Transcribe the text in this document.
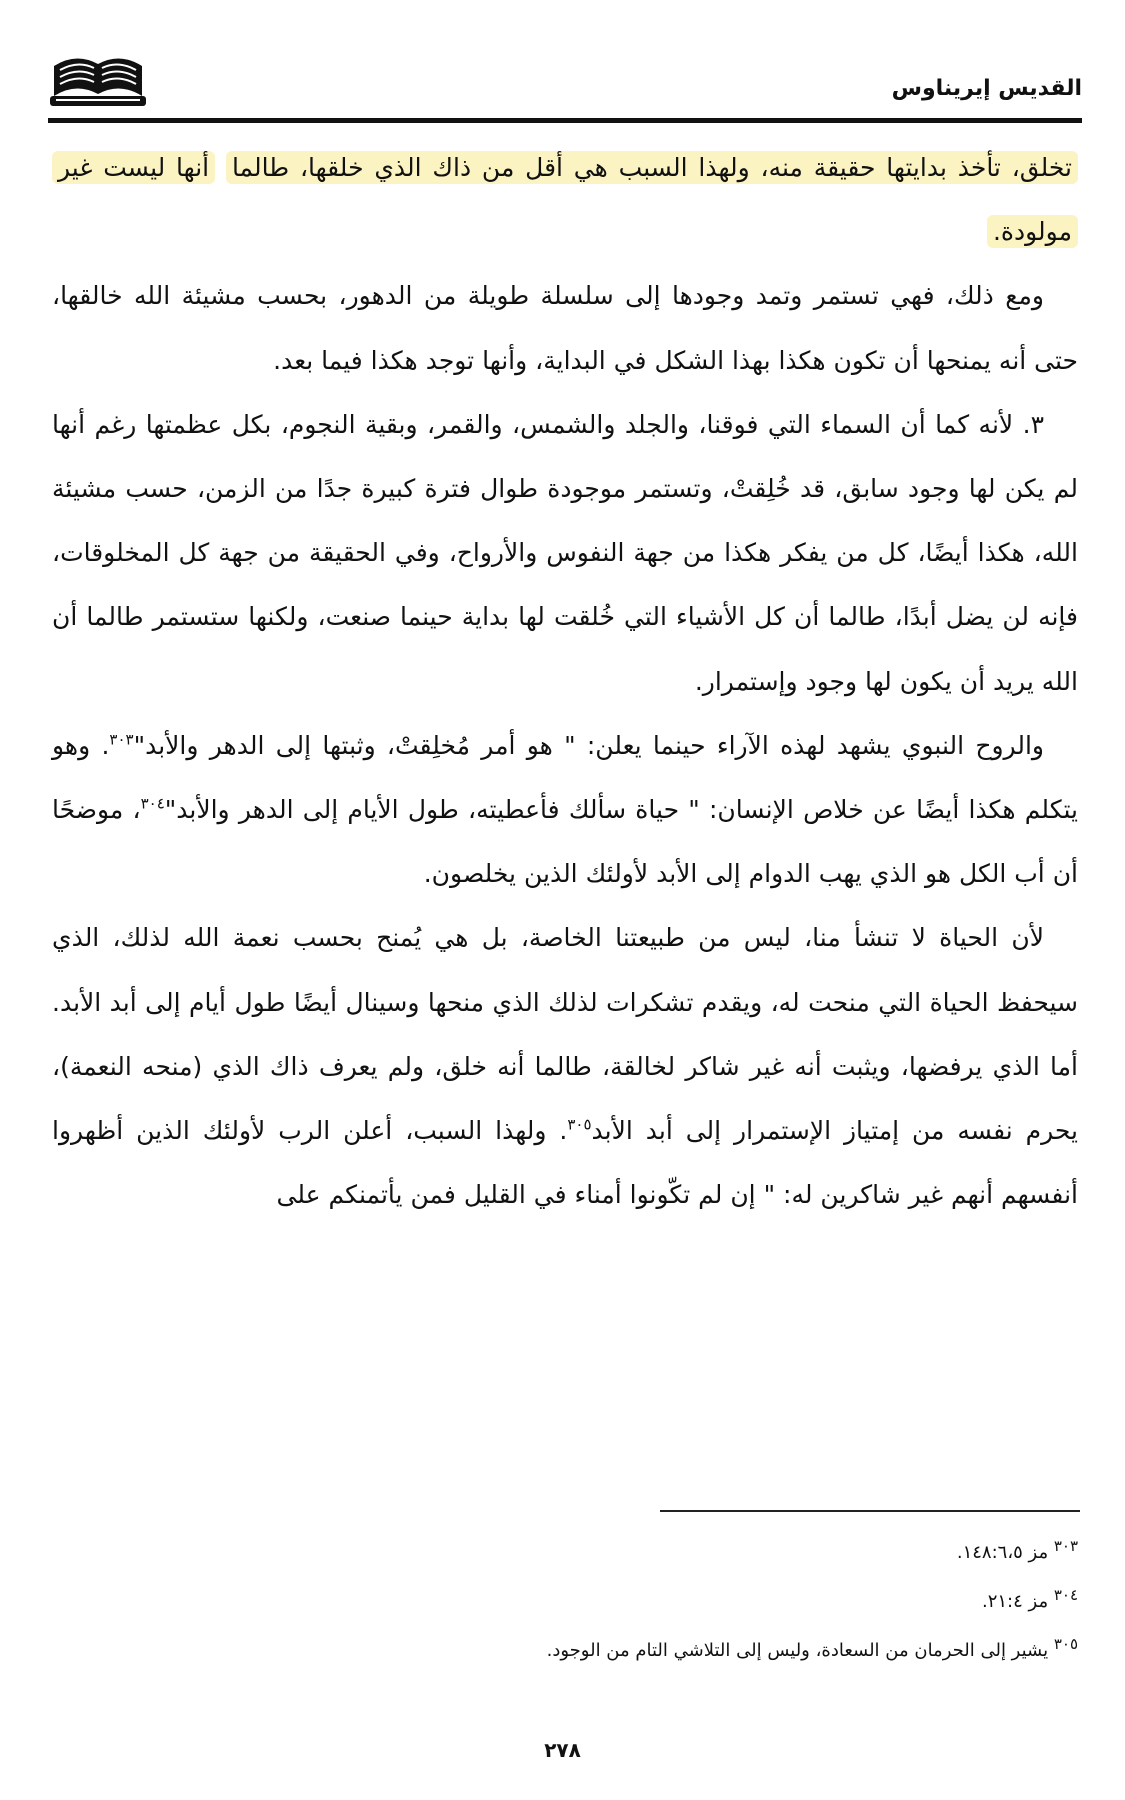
القديس إيريناوس

تخلق، تأخذ بدايتها حقيقة منه، ولهذا السبب هي أقل من ذاك الذي خلقها، طالما أنها ليست غير مولودة.

ومع ذلك، فهي تستمر وتمد وجودها إلى سلسلة طويلة من الدهور، بحسب مشيئة الله خالقها، حتى أنه يمنحها أن تكون هكذا بهذا الشكل في البداية، وأنها توجد هكذا فيما بعد.

٣. لأنه كما أن السماء التي فوقنا، والجلد والشمس، والقمر، وبقية النجوم، بكل عظمتها رغم أنها لم يكن لها وجود سابق، قد خُلِقتْ، وتستمر موجودة طوال فترة كبيرة جدًا من الزمن، حسب مشيئة الله، هكذا أيضًا، كل من يفكر هكذا من جهة النفوس والأرواح، وفي الحقيقة من جهة كل المخلوقات، فإنه لن يضل أبدًا، طالما أن كل الأشياء التي خُلقت لها بداية حينما صنعت، ولكنها ستستمر طالما أن الله يريد أن يكون لها وجود وإستمرار.

والروح النبوي يشهد لهذه الآراء حينما يعلن: " هو أمر مُخلِقتْ، وثبتها إلى الدهر والأبد"$^{٣٠٣}$. وهو يتكلم هكذا أيضًا عن خلاص الإنسان: " حياة سألك فأعطيته، طول الأيام إلى الدهر والأبد"$^{٣٠٤}$، موضحًا أن أب الكل هو الذي يهب الدوام إلى الأبد لأولئك الذين يخلصون.

لأن الحياة لا تنشأ منا، ليس من طبيعتنا الخاصة، بل هي يُمنح بحسب نعمة الله لذلك، الذي سيحفظ الحياة التي منحت له، ويقدم تشكرات لذلك الذي منحها وسينال أيضًا طول أيام إلى أبد الأبد. أما الذي يرفضها، ويثبت أنه غير شاكر لخالقة، طالما أنه خلق، ولم يعرف ذاك الذي (منحه النعمة)، يحرم نفسه من إمتياز الإستمرار إلى أبد الأبد$^{٣٠٥}$. ولهذا السبب، أعلن الرب لأولئك الذين أظهروا أنفسهم أنهم غير شاكرين له: " إن لم تكّونوا أمناء في القليل فمن يأتمنكم على

$^{٣٠٣}$ مز ١٤٨:٦،٥.

$^{٣٠٤}$ مز ٢١:٤.

$^{٣٠٥}$ يشير إلى الحرمان من السعادة، وليس إلى التلاشي التام من الوجود.

٢٧٨
